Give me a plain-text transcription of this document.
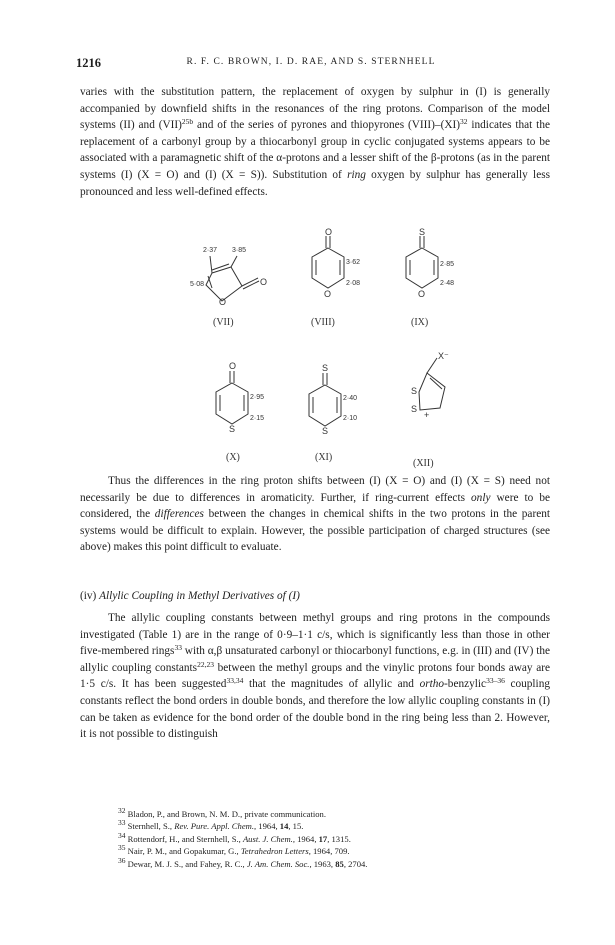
1216	R. F. C. BROWN, I. D. RAE, AND S. STERNHELL

varies with the substitution pattern, the replacement of oxygen by sulphur in (I) is generally accompanied by downfield shifts in the resonances of the ring protons. Comparison of the model systems (II) and (VII)$^{25b}$ and of the series of pyrones and thiopyrones (VIII)–(XI)$^{32}$ indicates that the replacement of a carbonyl group by a thiocarbonyl group in cyclic conjugated systems appears to be associated with a paramagnetic shift of the α-protons and a lesser shift of the β-protons (as in the parent systems (I) (X = O) and (I) (X = S)). Substitution of ring oxygen by sulphur has generally less pronounced and less well-defined effects.

2·37 3·85
5·08
O
O
(VII)
O
O
3·62
2·08
(VIII)
S
O
2·85
2·48
(IX)
O
S
2·95
2·15
(X)
S
S
2·40
2·10
(XI)
X⁻
S
S
+
(XII)

Thus the differences in the ring proton shifts between (I) (X = O) and (I) (X = S) need not necessarily be due to differences in aromaticity. Further, if ring-current effects only were to be considered, the differences between the changes in chemical shifts in the two protons in the parent systems would be difficult to explain. However, the possible participation of charged structures (see above) makes this point difficult to evaluate.

(iv) Allylic Coupling in Methyl Derivatives of (I)

The allylic coupling constants between methyl groups and ring protons in the compounds investigated (Table 1) are in the range of 0·9–1·1 c/s, which is significantly less than those in other five-membered rings$^{33}$ with α,β unsaturated carbonyl or thiocarbonyl functions, e.g. in (III) and (IV) the allylic coupling constants$^{22,23}$ between the methyl groups and the vinylic protons four bonds away are 1·5 c/s. It has been suggested$^{33,34}$ that the magnitudes of allylic and ortho-benzylic$^{33-36}$ coupling constants reflect the bond orders in double bonds, and therefore the low allylic coupling constants in (I) can be taken as evidence for the bond order of the double bond in the ring being less than 2. However, it is not possible to distinguish

$^{32}$ Bladon, P., and Brown, N. M. D., private communication.
$^{33}$ Sternhell, S., Rev. Pure. Appl. Chem., 1964, 14, 15.
$^{34}$ Rottendorf, H., and Sternhell, S., Aust. J. Chem., 1964, 17, 1315.
$^{35}$ Nair, P. M., and Gopakumar, G., Tetrahedron Letters, 1964, 709.
$^{36}$ Dewar, M. J. S., and Fahey, R. C., J. Am. Chem. Soc., 1963, 85, 2704.
